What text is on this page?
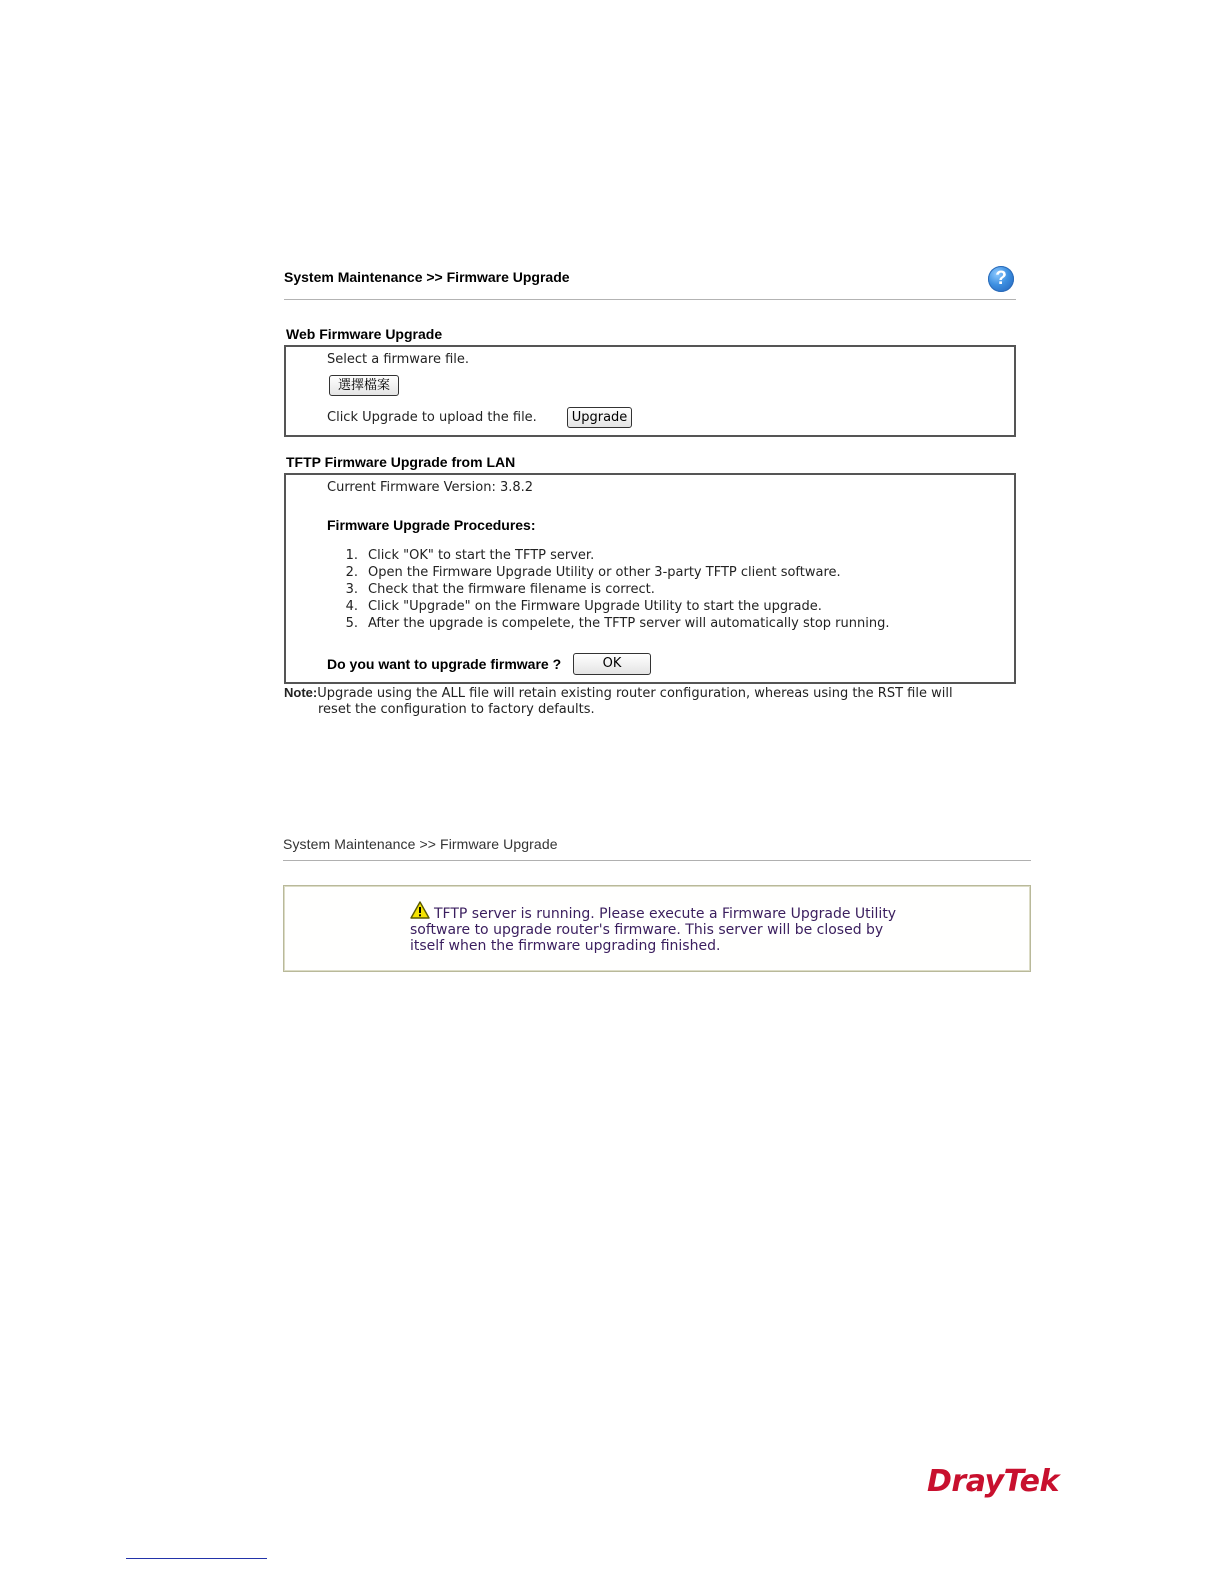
System Maintenance >> Firmware Upgrade	?
Web Firmware Upgrade
Select a firmware file.
選擇檔案
Click Upgrade to upload the file.	Upgrade
TFTP Firmware Upgrade from LAN
Current Firmware Version: 3.8.2
Firmware Upgrade Procedures:
1. Click "OK" to start the TFTP server.
2. Open the Firmware Upgrade Utility or other 3-party TFTP client software.
3. Check that the firmware filename is correct.
4. Click "Upgrade" on the Firmware Upgrade Utility to start the upgrade.
5. After the upgrade is compelete, the TFTP server will automatically stop running.
Do you want to upgrade firmware ?	OK
Note:Upgrade using the ALL file will retain existing router configuration, whereas using the RST file will
reset the configuration to factory defaults.
System Maintenance >> Firmware Upgrade
TFTP server is running. Please execute a Firmware Upgrade Utility
software to upgrade router's firmware. This server will be closed by
itself when the firmware upgrading finished.
DrayTek
